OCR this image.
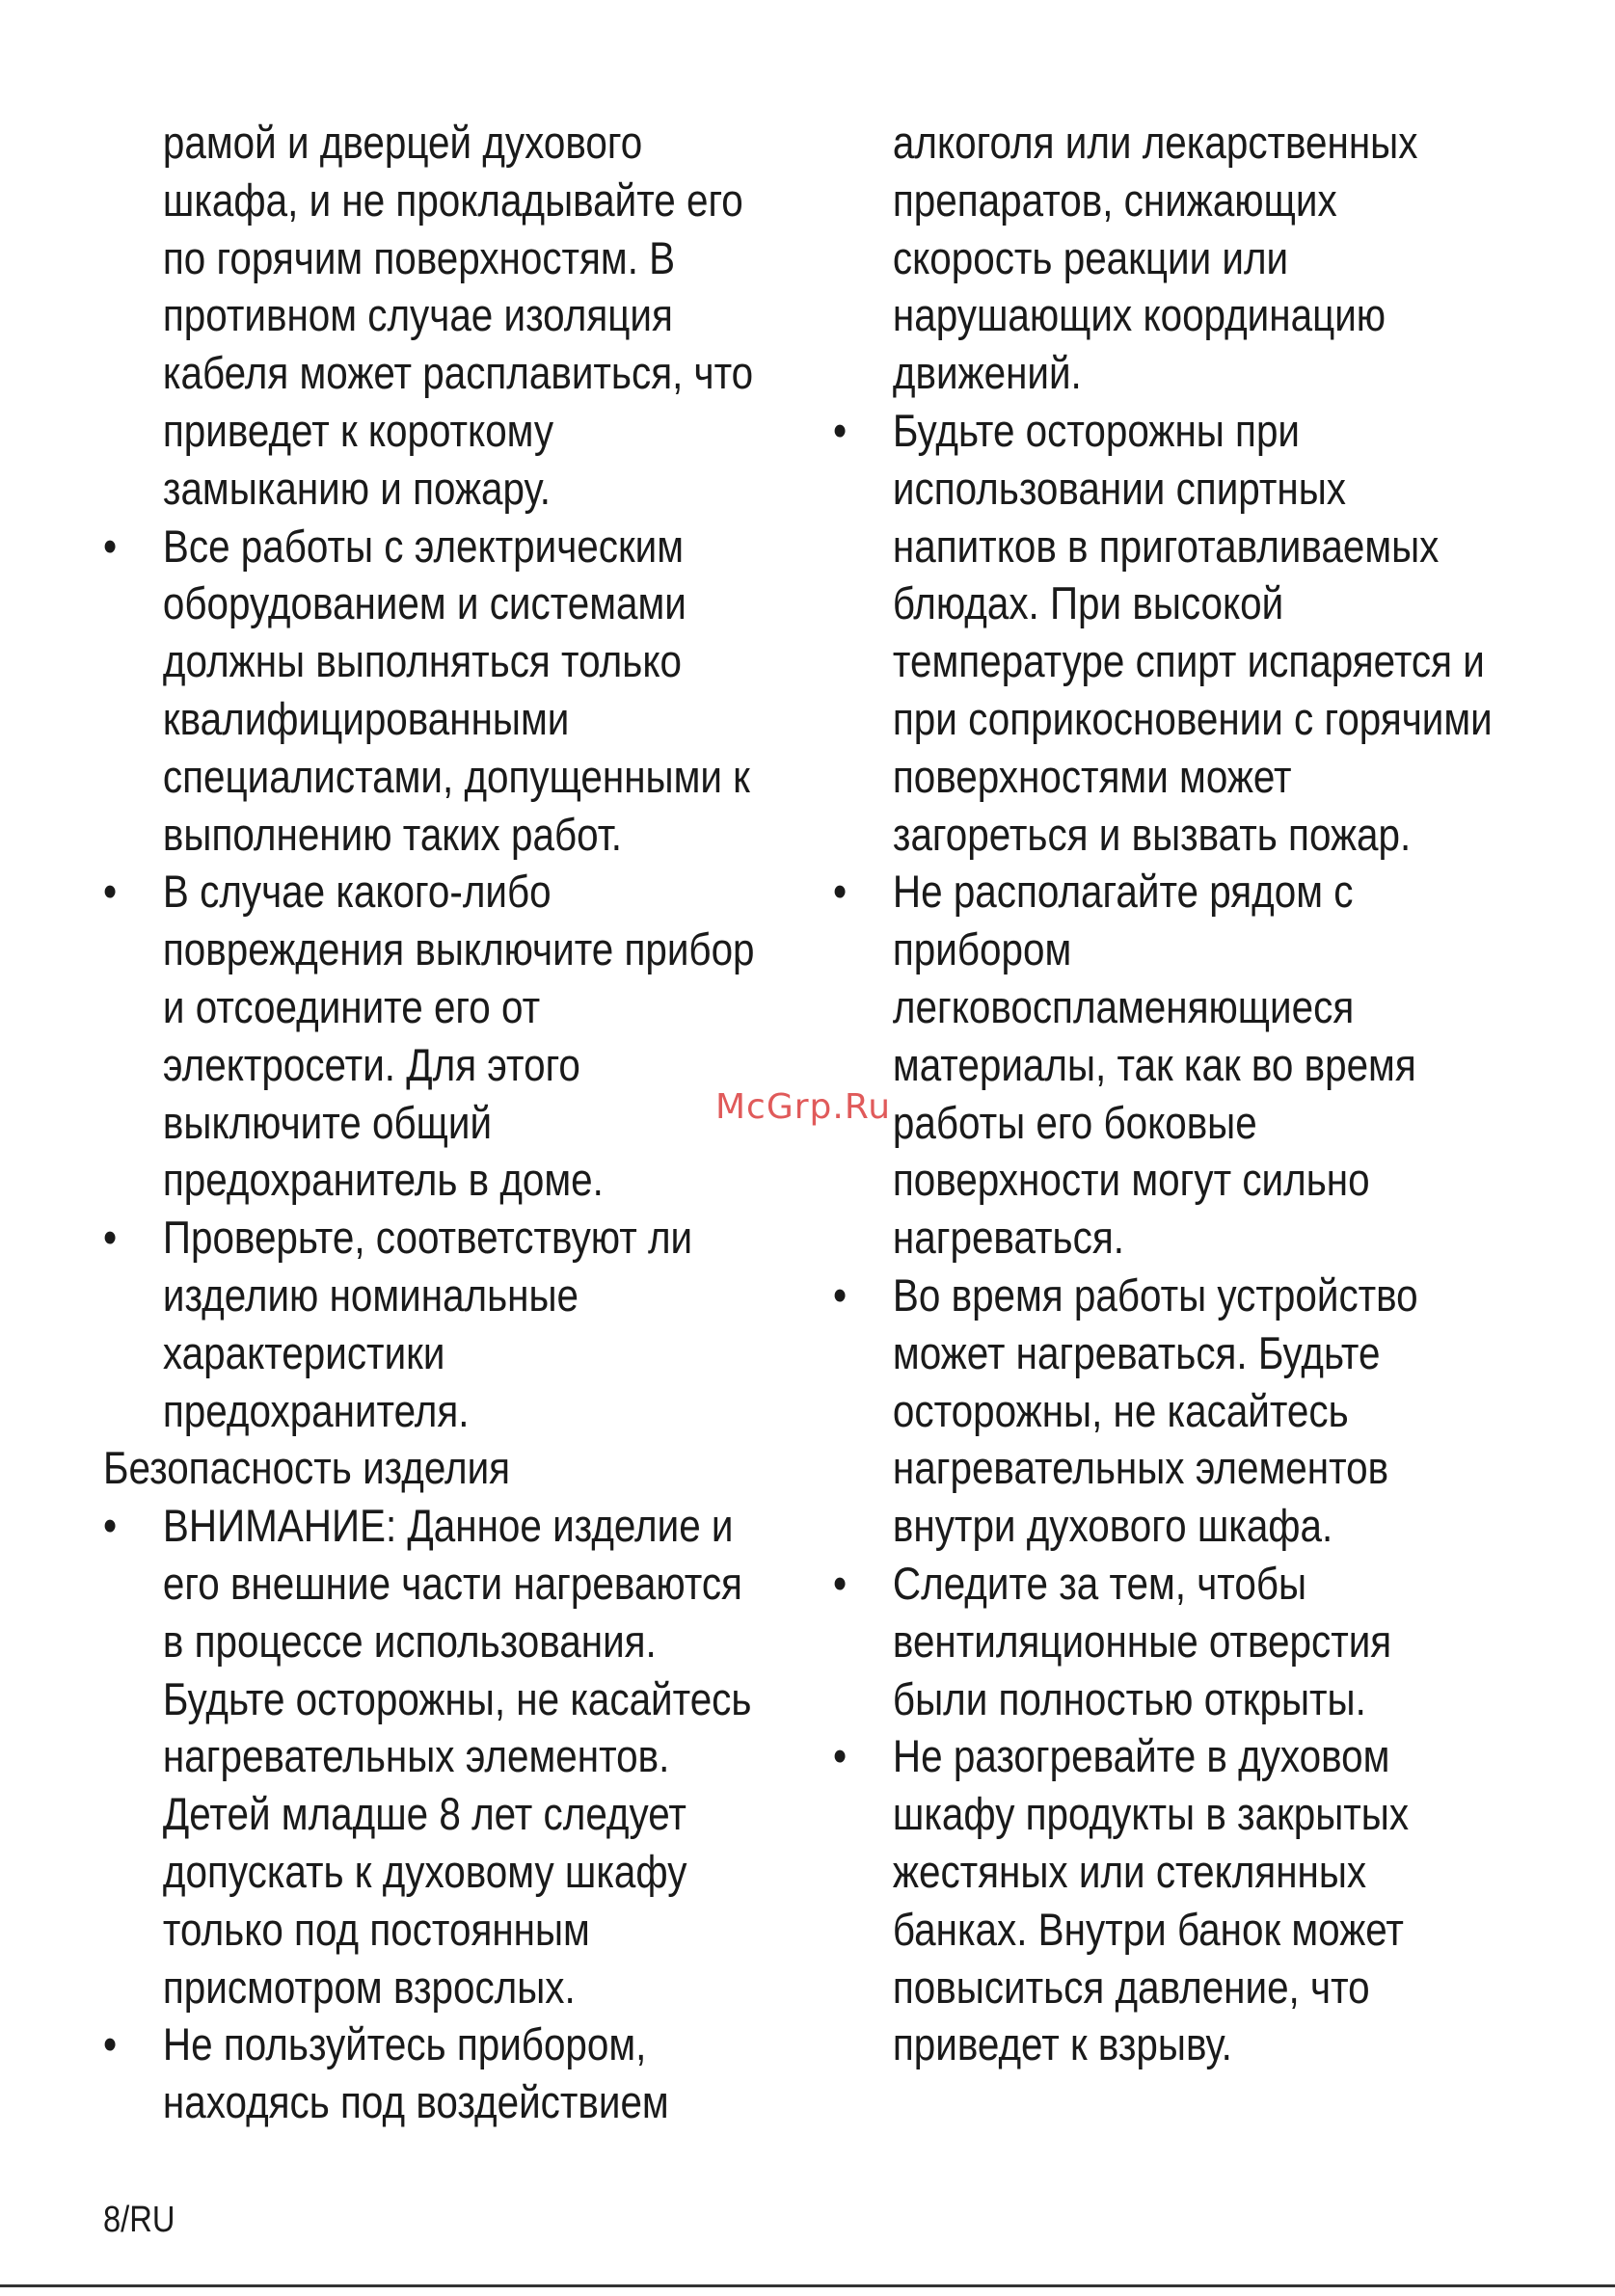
рамой и дверцей духового шкафа, и не прокладывайте его по горячим поверхностям. В противном случае изоляция кабеля может расплавиться, что приведет к короткому замыканию и пожару.

•	Все работы с электрическим оборудованием и системами должны выполняться только квалифицированными специалистами, допущенными к выполнению таких работ.

•	В случае какого-либо повреждения выключите прибор и отсоедините его от электросети. Для этого выключите общий предохранитель в доме.

•	Проверьте, соответствуют ли изделию номинальные характеристики предохранителя.

Безопасность изделия

•	ВНИМАНИЕ: Данное изделие и его внешние части нагреваются в процессе использования. Будьте осторожны, не касайтесь нагревательных элементов. Детей младше 8 лет следует допускать к духовому шкафу только под постоянным присмотром взрослых.

•	Не пользуйтесь прибором, находясь под воздействием

алкоголя или лекарственных препаратов, снижающих скорость реакции или нарушающих координацию движений.

•	Будьте осторожны при использовании спиртных напитков в приготавливаемых блюдах. При высокой температуре спирт испаряется и при соприкосновении с горячими поверхностями может загореться и вызвать пожар.

•	Не располагайте рядом с прибором легковоспламеняющиеся материалы, так как во время работы его боковые поверхности могут сильно нагреваться.

•	Во время работы устройство может нагреваться. Будьте осторожны, не касайтесь нагревательных элементов внутри духового шкафа.

•	Следите за тем, чтобы вентиляционные отверстия были полностью открыты.

•	Не разогревайте в духовом шкафу продукты в закрытых жестяных или стеклянных банках. Внутри банок может повыситься давление, что приведет к взрыву.

McGrp.Ru
8/RU
